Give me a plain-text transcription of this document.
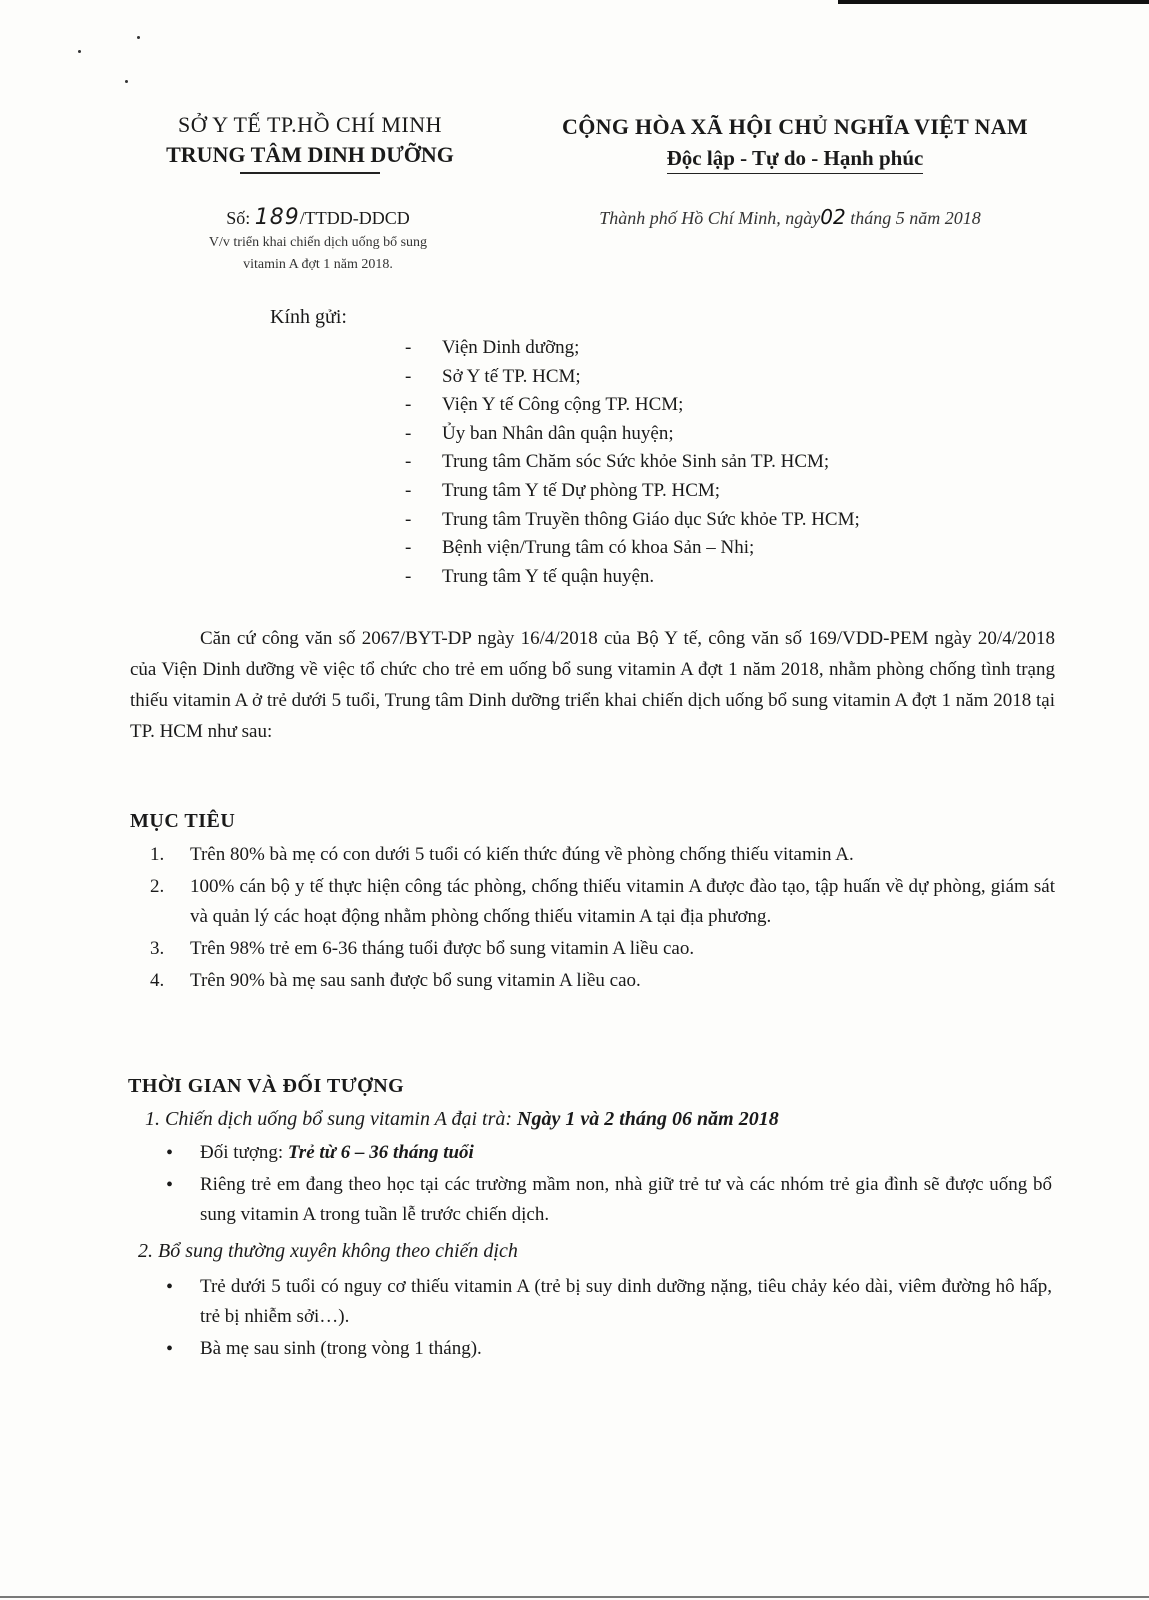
SỞ Y TẾ TP.HỒ CHÍ MINH
TRUNG TÂM DINH DƯỠNG
CỘNG HÒA XÃ HỘI CHỦ NGHĨA VIỆT NAM
Độc lập - Tự do - Hạnh phúc
Số: 189/TTDD-DDCD
V/v triển khai chiến dịch uống bổ sung
vitamin A đợt 1 năm 2018.
Thành phố Hồ Chí Minh, ngày02 tháng 5 năm 2018
Kính gửi:
- Viện Dinh dưỡng;
- Sở Y tế TP. HCM;
- Viện Y tế Công cộng TP. HCM;
- Ủy ban Nhân dân quận huyện;
- Trung tâm Chăm sóc Sức khỏe Sinh sản TP. HCM;
- Trung tâm Y tế Dự phòng TP. HCM;
- Trung tâm Truyền thông Giáo dục Sức khỏe TP. HCM;
- Bệnh viện/Trung tâm có khoa Sản – Nhi;
- Trung tâm Y tế quận huyện.
Căn cứ công văn số 2067/BYT-DP ngày 16/4/2018 của Bộ Y tế, công văn số 169/VDD-PEM ngày 20/4/2018 của Viện Dinh dưỡng về việc tổ chức cho trẻ em uống bổ sung vitamin A đợt 1 năm 2018, nhằm phòng chống tình trạng thiếu vitamin A ở trẻ dưới 5 tuổi, Trung tâm Dinh dưỡng triển khai chiến dịch uống bổ sung vitamin A đợt 1 năm 2018 tại TP. HCM như sau:
MỤC TIÊU
1. Trên 80% bà mẹ có con dưới 5 tuổi có kiến thức đúng về phòng chống thiếu vitamin A.
2. 100% cán bộ y tế thực hiện công tác phòng, chống thiếu vitamin A được đào tạo, tập huấn về dự phòng, giám sát và quản lý các hoạt động nhằm phòng chống thiếu vitamin A tại địa phương.
3. Trên 98% trẻ em 6-36 tháng tuổi được bổ sung vitamin A liều cao.
4. Trên 90% bà mẹ sau sanh được bổ sung vitamin A liều cao.
THỜI GIAN VÀ ĐỐI TƯỢNG
1. Chiến dịch uống bổ sung vitamin A đại trà: Ngày 1 và 2 tháng 06 năm 2018
• Đối tượng: Trẻ từ 6 – 36 tháng tuổi
• Riêng trẻ em đang theo học tại các trường mầm non, nhà giữ trẻ tư và các nhóm trẻ gia đình sẽ được uống bổ sung vitamin A trong tuần lễ trước chiến dịch.
2. Bổ sung thường xuyên không theo chiến dịch
• Trẻ dưới 5 tuổi có nguy cơ thiếu vitamin A (trẻ bị suy dinh dưỡng nặng, tiêu chảy kéo dài, viêm đường hô hấp, trẻ bị nhiễm sởi…).
• Bà mẹ sau sinh (trong vòng 1 tháng).
